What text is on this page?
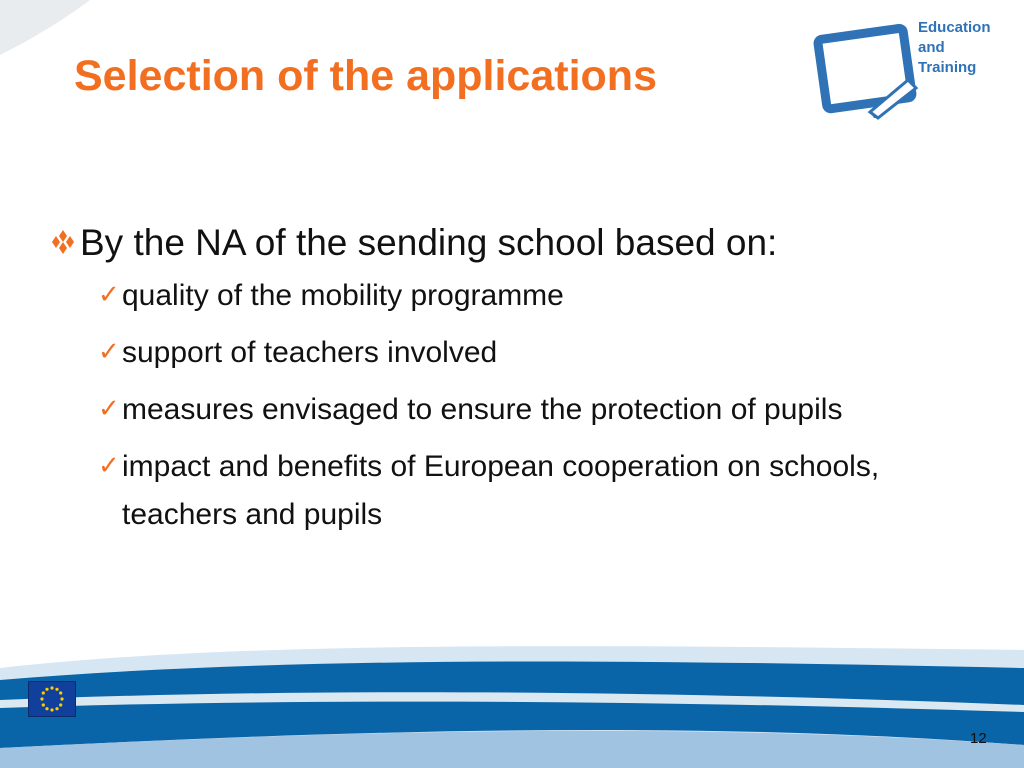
Selection of the applications
Education
and
Training
By the NA of the sending school based on:
✓ quality of the mobility programme
✓ support of teachers involved
✓ measures envisaged to ensure the protection of pupils
✓ impact and benefits of European cooperation on schools, teachers and pupils
12
